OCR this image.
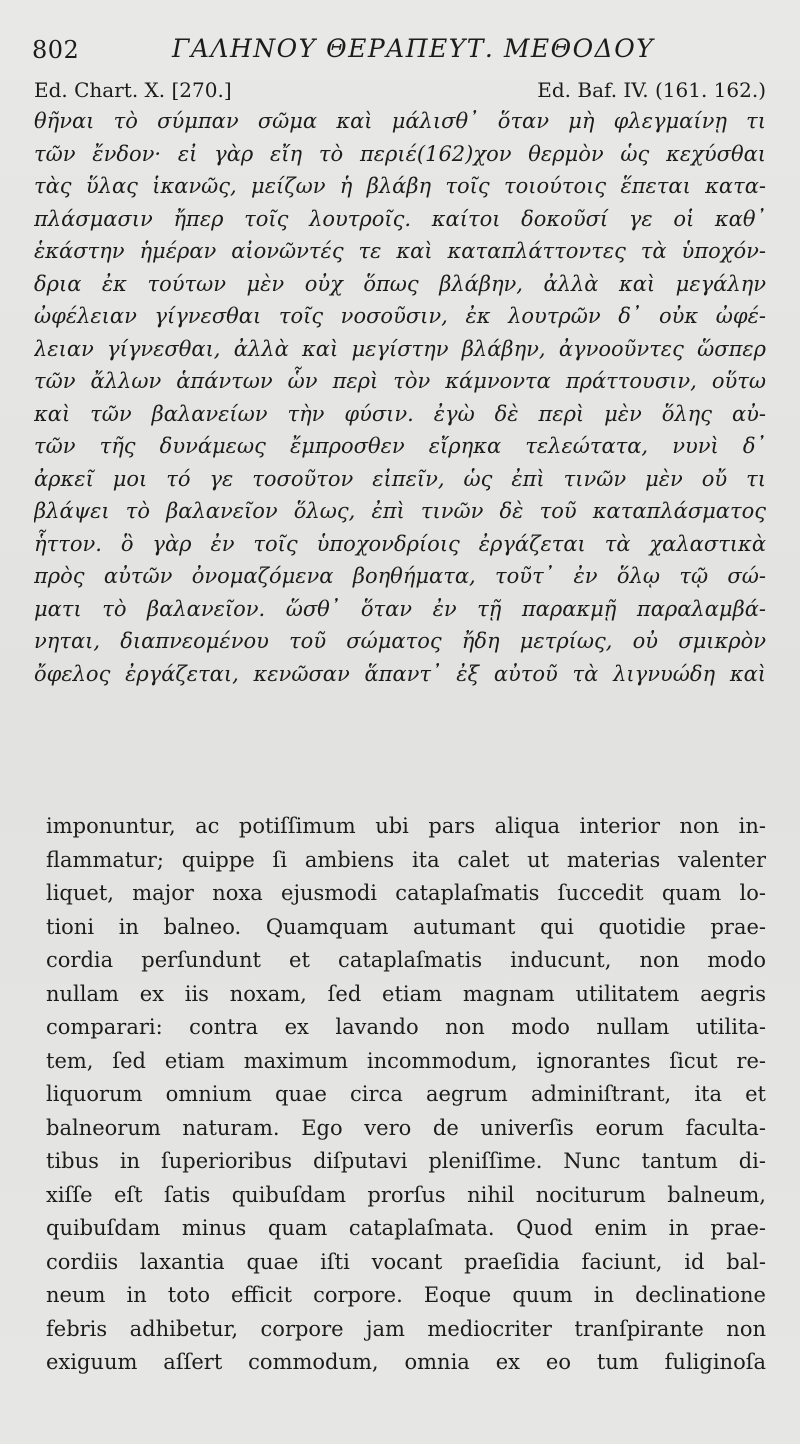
802	ΓΑΛΗΝΟΥ ΘΕΡΑΠΕΥΤ. ΜΕΘΟΔΟΥ
Ed. Chart. X. [270.]	Ed. Baf. IV. (161. 162.)
θῆναι τὸ σύμπαν σῶμα καὶ μάλισθ᾽ ὅταν μὴ φλεγμαίνῃ τι
τῶν ἔνδον· εἰ γὰρ εἴη τὸ περιέ(162)χον θερμὸν ὡς κεχύσθαι
τὰς ὕλας ἱκανῶς, μείζων ἡ βλάβη τοῖς τοιούτοις ἕπεται κατα-
πλάσμασιν ἤπερ τοῖς λουτροῖς. καίτοι δοκοῦσί γε οἱ καθ᾽
ἑκάστην ἡμέραν αἰονῶντές τε καὶ καταπλάττοντες τὰ ὑποχόν-
δρια ἐκ τούτων μὲν οὐχ ὅπως βλάβην, ἀλλὰ καὶ μεγάλην
ὠφέλειαν γίγνεσθαι τοῖς νοσοῦσιν, ἐκ λουτρῶν δ᾽ οὐκ ὠφέ-
λειαν γίγνεσθαι, ἀλλὰ καὶ μεγίστην βλάβην, ἀγνοοῦντες ὥσπερ
τῶν ἄλλων ἁπάντων ὧν περὶ τὸν κάμνοντα πράττουσιν, οὕτω
καὶ τῶν βαλανείων τὴν φύσιν. ἐγὼ δὲ περὶ μὲν ὅλης αὐ-
τῶν τῆς δυνάμεως ἔμπροσθεν εἴρηκα τελεώτατα, νυνὶ δ᾽
ἀρκεῖ μοι τό γε τοσοῦτον εἰπεῖν, ὡς ἐπὶ τινῶν μὲν οὔ τι
βλάψει τὸ βαλανεῖον ὅλως, ἐπὶ τινῶν δὲ τοῦ καταπλάσματος
ἧττον. ὃ γὰρ ἐν τοῖς ὑποχονδρίοις ἐργάζεται τὰ χαλαστικὰ
πρὸς αὐτῶν ὀνομαζόμενα βοηθήματα, τοῦτ᾽ ἐν ὅλῳ τῷ σώ-
ματι τὸ βαλανεῖον. ὥσθ᾽ ὅταν ἐν τῇ παρακμῇ παραλαμβά-
νηται, διαπνεομένου τοῦ σώματος ἤδη μετρίως, οὐ σμικρὸν
ὄφελος ἐργάζεται, κενῶσαν ἅπαντ᾽ ἐξ αὐτοῦ τὰ λιγνυώδη καὶ
imponuntur, ac potiſſimum ubi pars aliqua interior non in-
flammatur; quippe ſi ambiens ita calet ut materias valenter
liquet, major noxa ejusmodi cataplaſmatis ſuccedit quam lo-
tioni in balneo. Quamquam autumant qui quotidie prae-
cordia perſundunt et cataplaſmatis inducunt, non modo
nullam ex iis noxam, ſed etiam magnam utilitatem aegris
comparari: contra ex lavando non modo nullam utilita-
tem, ſed etiam maximum incommodum, ignorantes ſicut re-
liquorum omnium quae circa aegrum adminiſtrant, ita et
balneorum naturam. Ego vero de univerſis eorum faculta-
tibus in ſuperioribus diſputavi pleniſſime. Nunc tantum di-
xiſſe eſt ſatis quibuſdam prorſus nihil nociturum balneum,
quibuſdam minus quam cataplaſmata. Quod enim in prae-
cordiis laxantia quae iſti vocant praeſidia faciunt, id bal-
neum in toto efficit corpore. Eoque quum in declinatione
febris adhibetur, corpore jam mediocriter tranſpirante non
exiguum aſſert commodum, omnia ex eo tum fuliginoſa
